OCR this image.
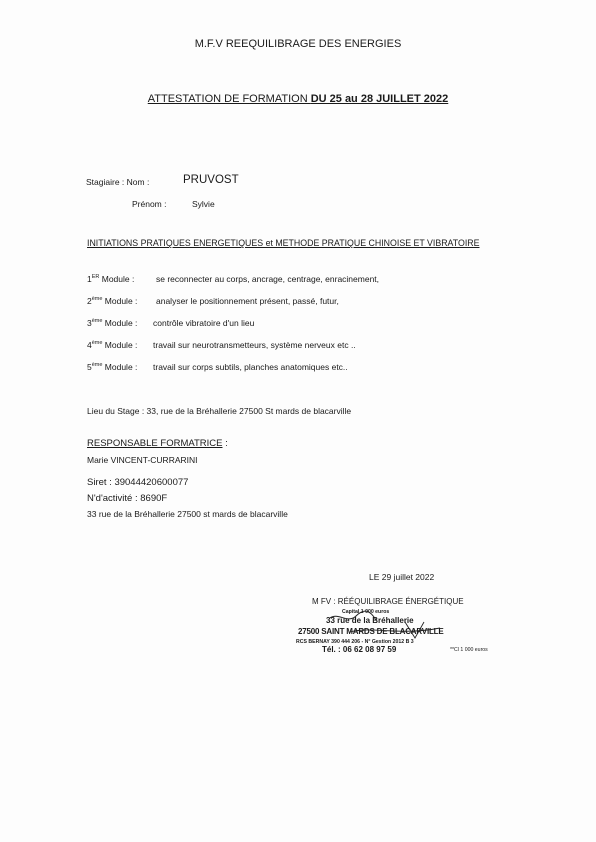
M.F.V REEQUILIBRAGE DES ENERGIES
ATTESTATION DE FORMATION DU 25 au 28 JUILLET 2022
Stagiaire : Nom :	PRUVOST
Prénom :	Sylvie
INITIATIONS PRATIQUES ENERGETIQUES et METHODE PRATIQUE CHINOISE ET VIBRATOIRE
1ER Module :	se reconnecter au corps, ancrage, centrage, enracinement,
2ème Module : analyser le positionnement présent, passé, futur,
3ème Module : contrôle vibratoire d'un lieu
4ème Module : travail sur neurotransmetteurs, système nerveux etc ..
5ème Module : travail sur corps subtils, planches anatomiques etc..
Lieu du Stage : 33, rue de la Bréhallerie 27500 St mards de blacarville
RESPONSABLE FORMATRICE :
Marie VINCENT-CURRARINI
Siret : 39044420600077
N'd'activité : 8690F
33 rue de la Bréhallerie 27500 st mards de blacarville
LE 29 juillet 2022
M FV : RÉÉQUILIBRAGE ÉNERGÉTIQUE
Capital 1 000 euros
33 rue de la Bréhallerie
27500 SAINT MARDS DE BLACARVILLE
RCS BERNAY 390 444 206 - N° Gestion 2012 B 3
Tél. : 06 62 08 97 59	**Cl 1 000 euros
